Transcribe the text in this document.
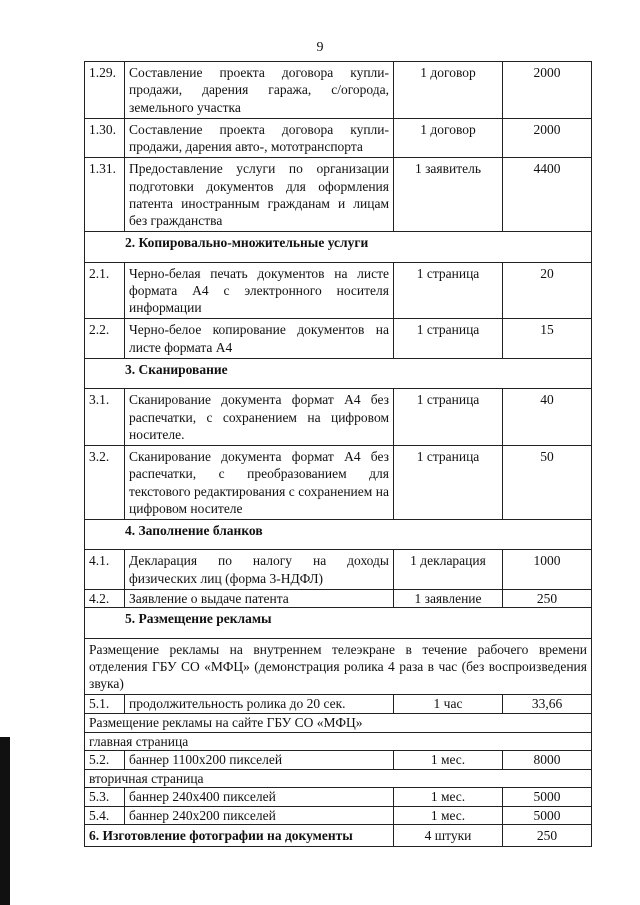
9
1.29.	Составление проекта договора купли-продажи, дарения гаража, с/огорода, земельного участка	1 договор	2000
1.30.	Составление проекта договора купли-продажи, дарения авто-, мототранспорта	1 договор	2000
1.31.	Предоставление услуги по организации подготовки документов для оформления патента иностранным гражданам и лицам без гражданства	1 заявитель	4400
2. Копировально-множительные услуги			
2.1.	Черно-белая печать документов на листе формата А4 с электронного носителя информации	1 страница	20
2.2.	Черно-белое копирование документов на листе формата А4	1 страница	15
3. Сканирование			
3.1.	Сканирование документа формат А4 без распечатки, с сохранением на цифровом носителе.	1 страница	40
3.2.	Сканирование документа формат А4 без распечатки, с преобразованием для текстового редактирования с сохранением на цифровом носителе	1 страница	50
4. Заполнение бланков			
4.1.	Декларация по налогу на доходы физических лиц (форма 3-НДФЛ)	1 декларация	1000
4.2.	Заявление о выдаче патента	1 заявление	250
5. Размещение рекламы			
Размещение рекламы на внутреннем телеэкране в течение рабочего времени отделения ГБУ СО «МФЦ» (демонстрация ролика 4 раза в час (без воспроизведения звука)			
5.1.	продолжительность ролика до 20 сек.	1 час	33,66
Размещение рекламы на сайте ГБУ СО «МФЦ»			
главная страница			
5.2.	баннер 1100х200 пикселей	1 мес.	8000
вторичная страница			
5.3.	баннер 240х400 пикселей	1 мес.	5000
5.4.	баннер 240х200 пикселей	1 мес.	5000
6. Изготовление фотографии на документы		4 штуки	250
